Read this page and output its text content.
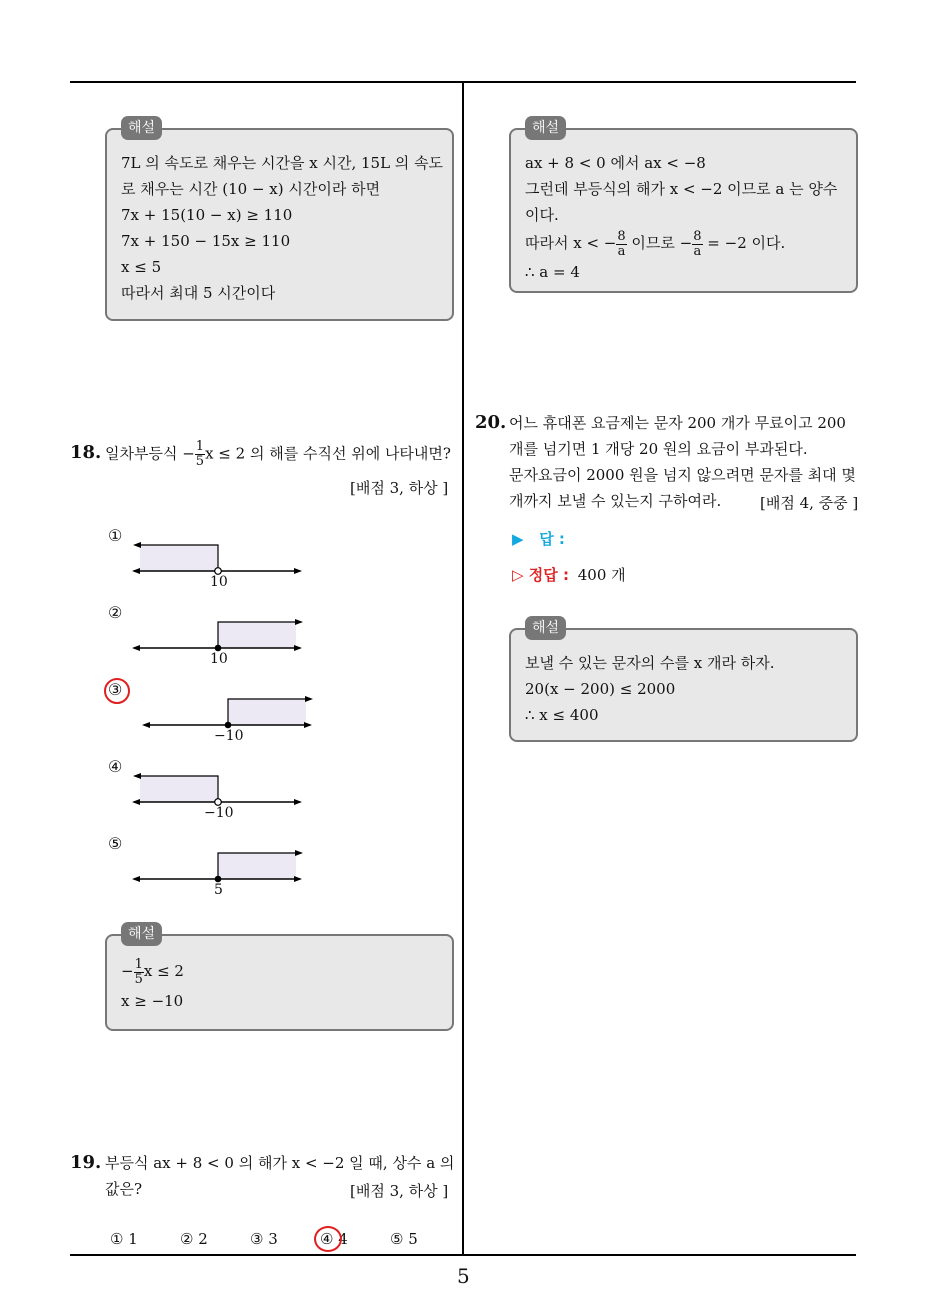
해설
7L 의 속도로 채우는 시간을 x 시간, 15L 의 속도
로 채우는 시간 (10 − x) 시간이라 하면
7x + 15(10 − x) ≥ 110
7x + 150 − 15x ≥ 110
x ≤ 5
따라서 최대 5 시간이다
18. 일차부등식 − $\frac{1}{5}$ x ≤ 2 의 해를 수직선 위에 나타내면?
[배점 3, 하상 ]
①
②
③
④
⑤
10
10
−10
−10
5
해설
− $\frac{1}{5}$ x ≤ 2
x ≥ −10
19. 부등식 ax + 8 < 0 의 해가 x < −2 일 때, 상수 a 의
값은?	[배점 3, 하상 ]
① 1	② 2	③ 3	④ 4	⑤ 5
해설
ax + 8 < 0 에서 ax < −8
그런데 부등식의 해가 x < −2 이므로 a 는 양수
이다.
따라서 x < − $\frac{8}{a}$ 이므로 − $\frac{8}{a} = -2$ 이다.
∴ a = 4
20. 어느 휴대폰 요금제는 문자 200 개가 무료이고 200
개를 넘기면 1 개당 20 원의 요금이 부과된다.
문자요금이 2000 원을 넘지 않으려면 문자를 최대 몇
개까지 보낼 수 있는지 구하여라.	[배점 4, 중중 ]
▶   답 :
▷ 정답 : 400 개
해설
보낼 수 있는 문자의 수를 x 개라 하자.
20(x − 200) ≤ 2000
∴ x ≤ 400
5
